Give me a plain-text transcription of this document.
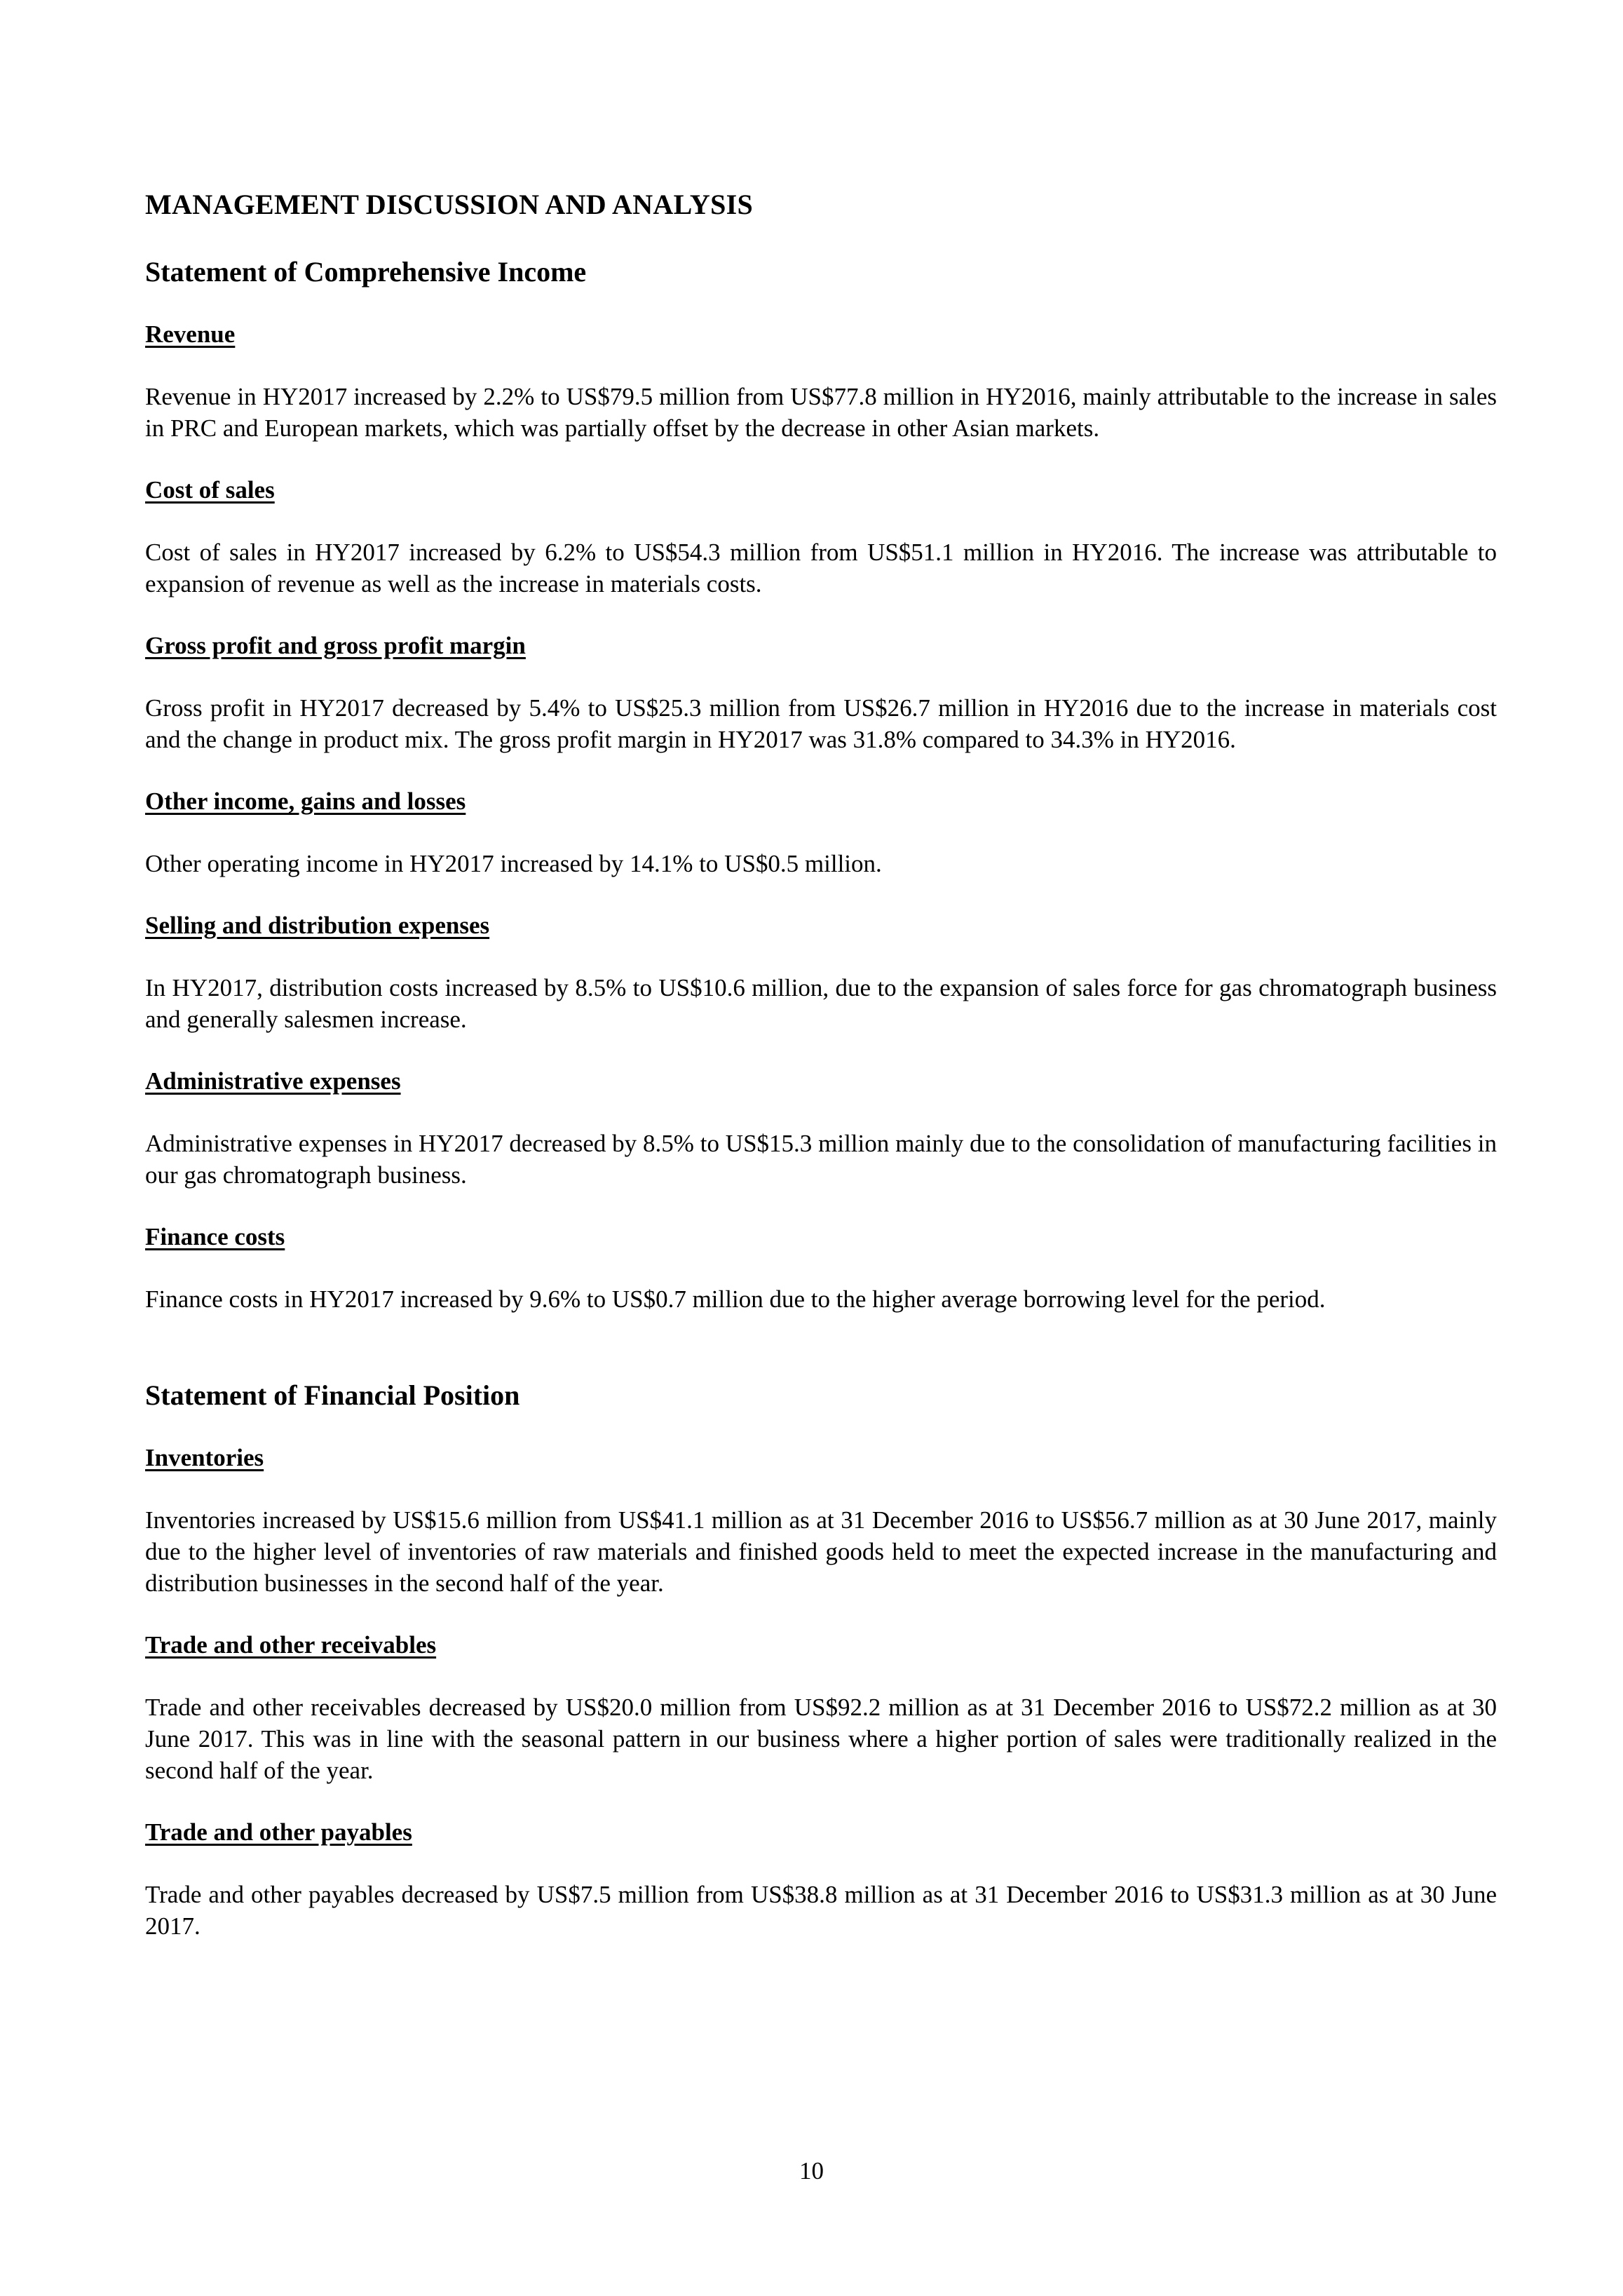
MANAGEMENT DISCUSSION AND ANALYSIS
Statement of Comprehensive Income
Revenue

Revenue in HY2017 increased by 2.2% to US$79.5 million from US$77.8 million in HY2016, mainly attributable to the increase in sales in PRC and European markets, which was partially offset by the decrease in other Asian markets.

Cost of sales

Cost of sales in HY2017 increased by 6.2% to US$54.3 million from US$51.1 million in HY2016. The increase was attributable to expansion of revenue as well as the increase in materials costs.

Gross profit and gross profit margin

Gross profit in HY2017 decreased by 5.4% to US$25.3 million from US$26.7 million in HY2016 due to the increase in materials cost and the change in product mix. The gross profit margin in HY2017 was 31.8% compared to 34.3% in HY2016.

Other income, gains and losses

Other operating income in HY2017 increased by 14.1% to US$0.5 million.

Selling and distribution expenses

In HY2017, distribution costs increased by 8.5% to US$10.6 million, due to the expansion of sales force for gas chromatograph business and generally salesmen increase.

Administrative expenses

Administrative expenses in HY2017 decreased by 8.5% to US$15.3 million mainly due to the consolidation of manufacturing facilities in our gas chromatograph business.

Finance costs

Finance costs in HY2017 increased by 9.6% to US$0.7 million due to the higher average borrowing level for the period.

Statement of Financial Position
Inventories

Inventories increased by US$15.6 million from US$41.1 million as at 31 December 2016 to US$56.7 million as at 30 June 2017, mainly due to the higher level of inventories of raw materials and finished goods held to meet the expected increase in the manufacturing and distribution businesses in the second half of the year.

Trade and other receivables

Trade and other receivables decreased by US$20.0 million from US$92.2 million as at 31 December 2016 to US$72.2 million as at 30 June 2017. This was in line with the seasonal pattern in our business where a higher portion of sales were traditionally realized in the second half of the year.

Trade and other payables

Trade and other payables decreased by US$7.5 million from US$38.8 million as at 31 December 2016 to US$31.3 million as at 30 June 2017.

10
